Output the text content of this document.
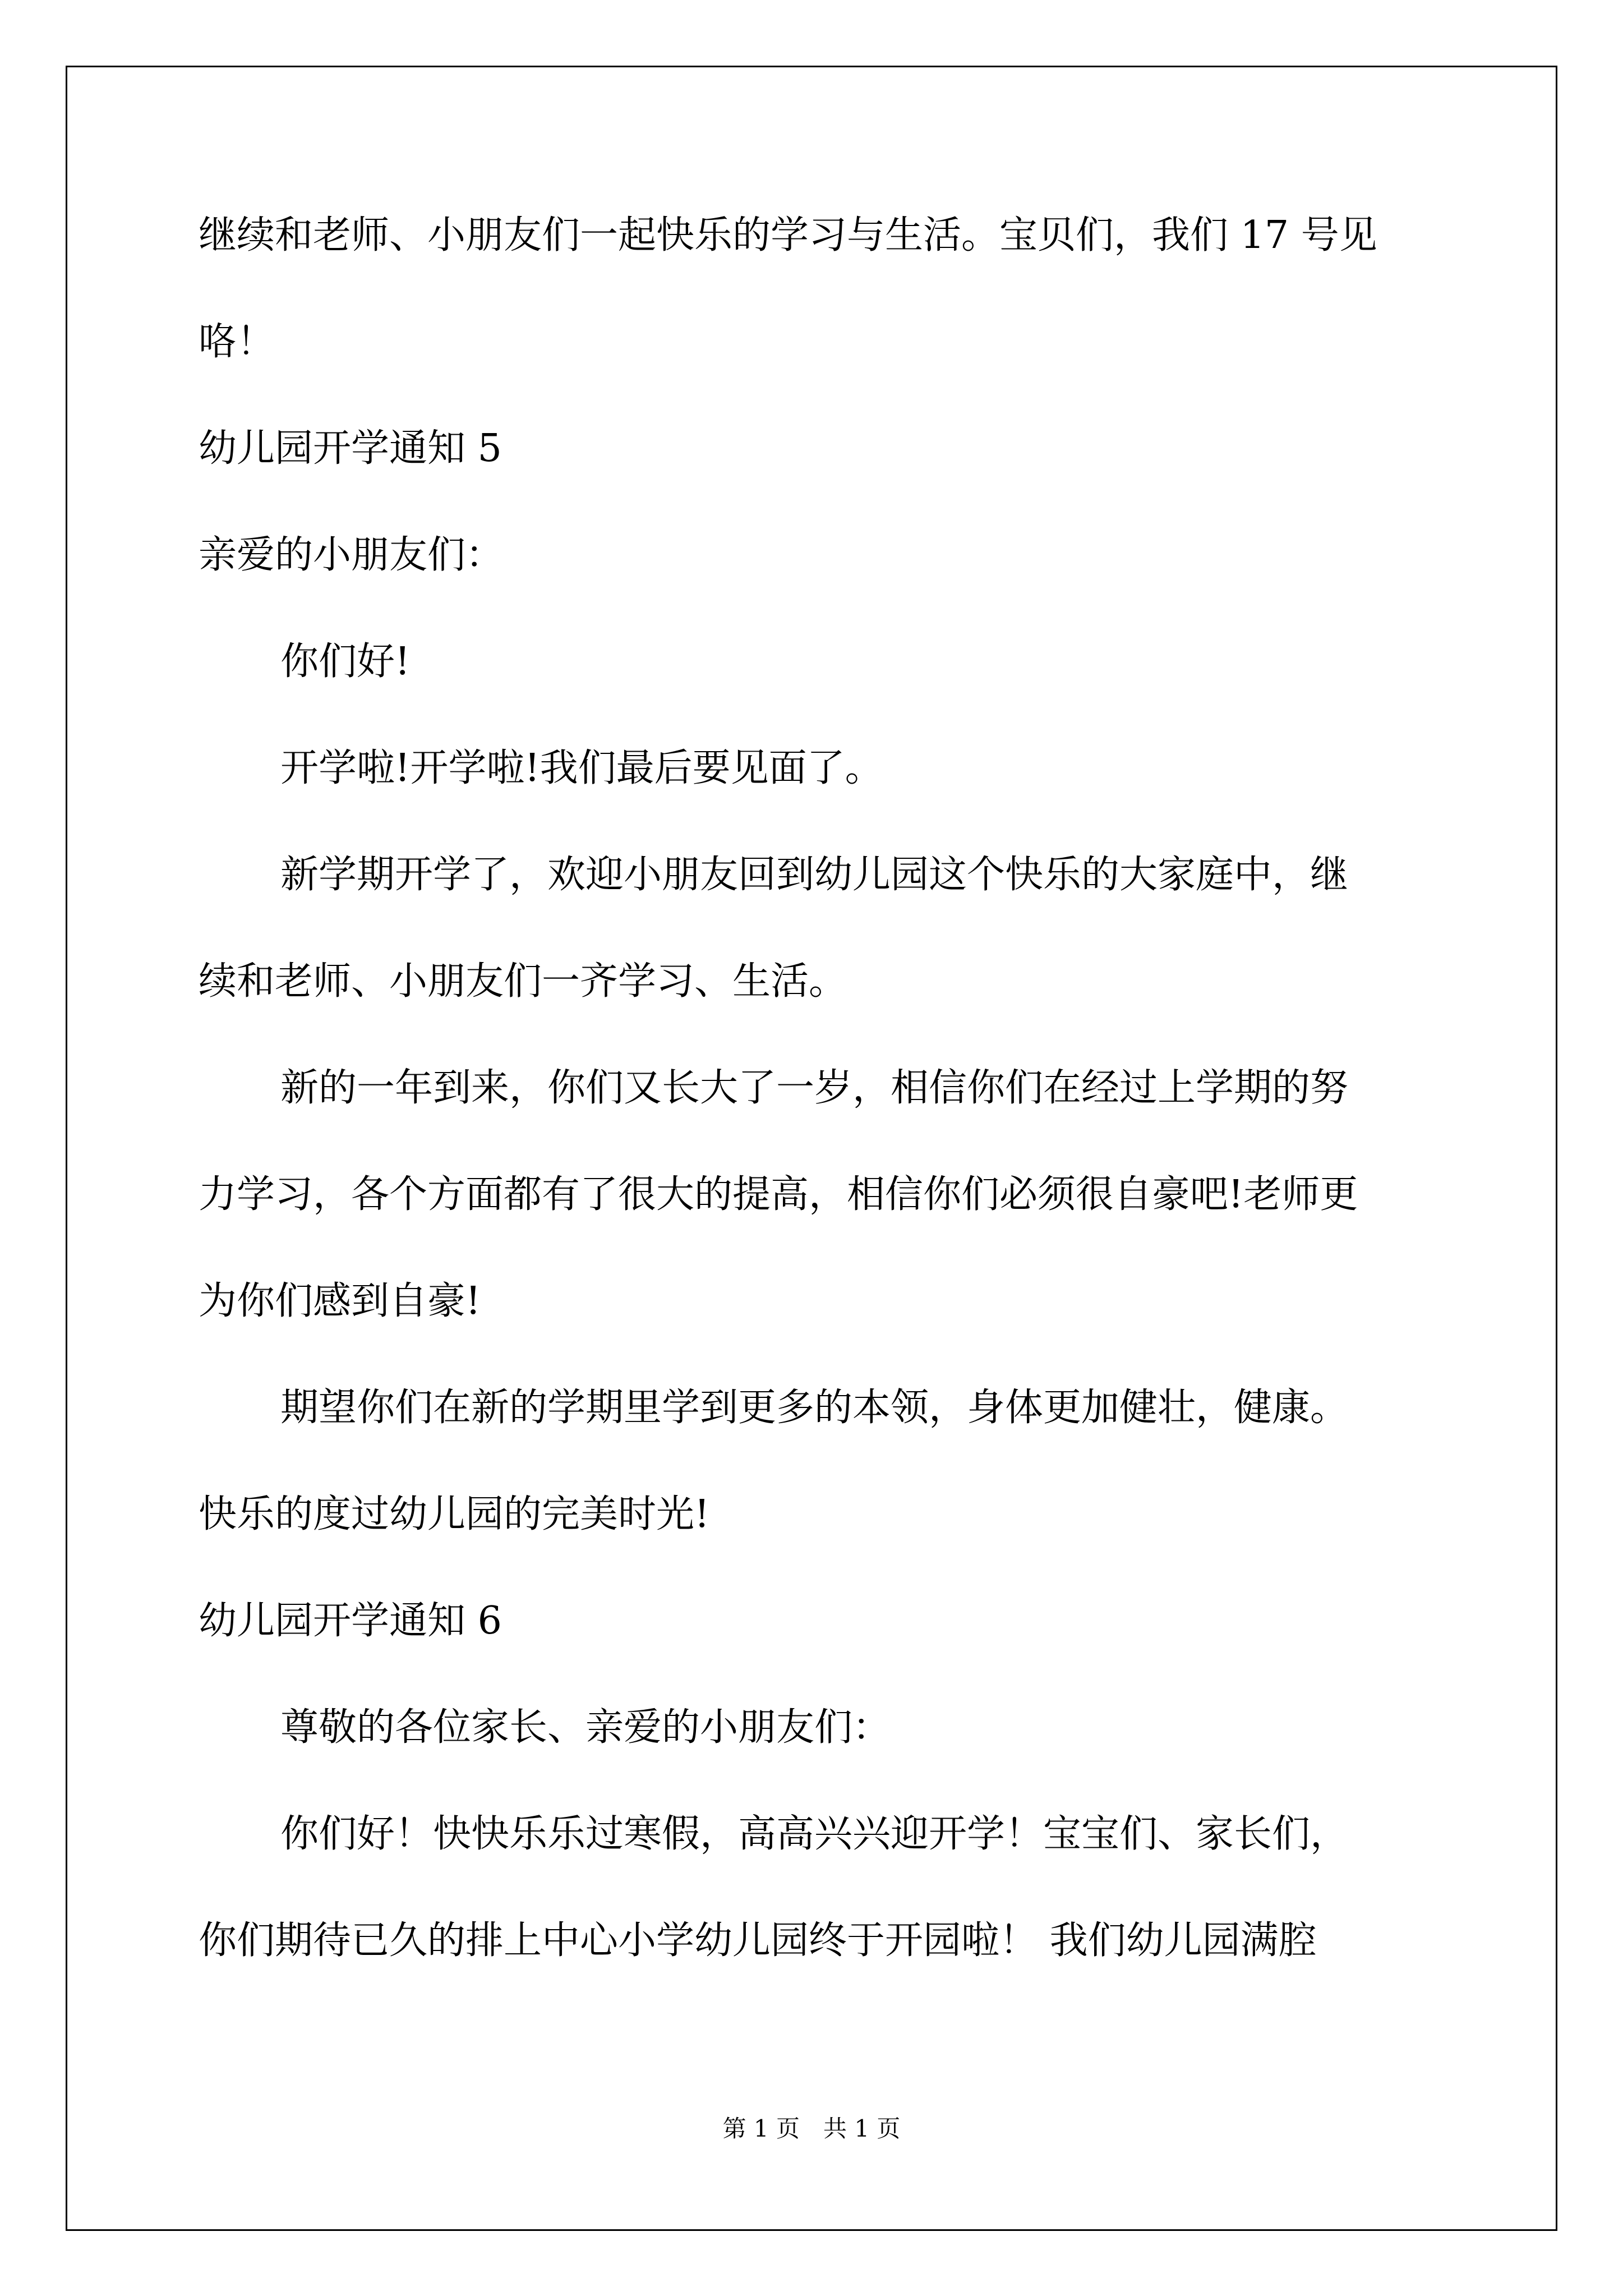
继续和老师、小朋友们一起快乐的学习与生活。宝贝们，我们 17 号见
咯！
幼儿园开学通知 5
亲爱的小朋友们：
你们好!
开学啦!开学啦!我们最后要见面了。
新学期开学了，欢迎小朋友回到幼儿园这个快乐的大家庭中，继
续和老师、小朋友们一齐学习、生活。
新的一年到来，你们又长大了一岁，相信你们在经过上学期的努
力学习，各个方面都有了很大的提高，相信你们必须很自豪吧!老师更
为你们感到自豪!
期望你们在新的学期里学到更多的本领，身体更加健壮，健康。
快乐的度过幼儿园的完美时光!
幼儿园开学通知 6
尊敬的各位家长、亲爱的小朋友们：
你们好！快快乐乐过寒假，高高兴兴迎开学！宝宝们、家长们，
你们期待已久的排上中心小学幼儿园终于开园啦！ 我们幼儿园满腔
第 1 页　共 1 页
